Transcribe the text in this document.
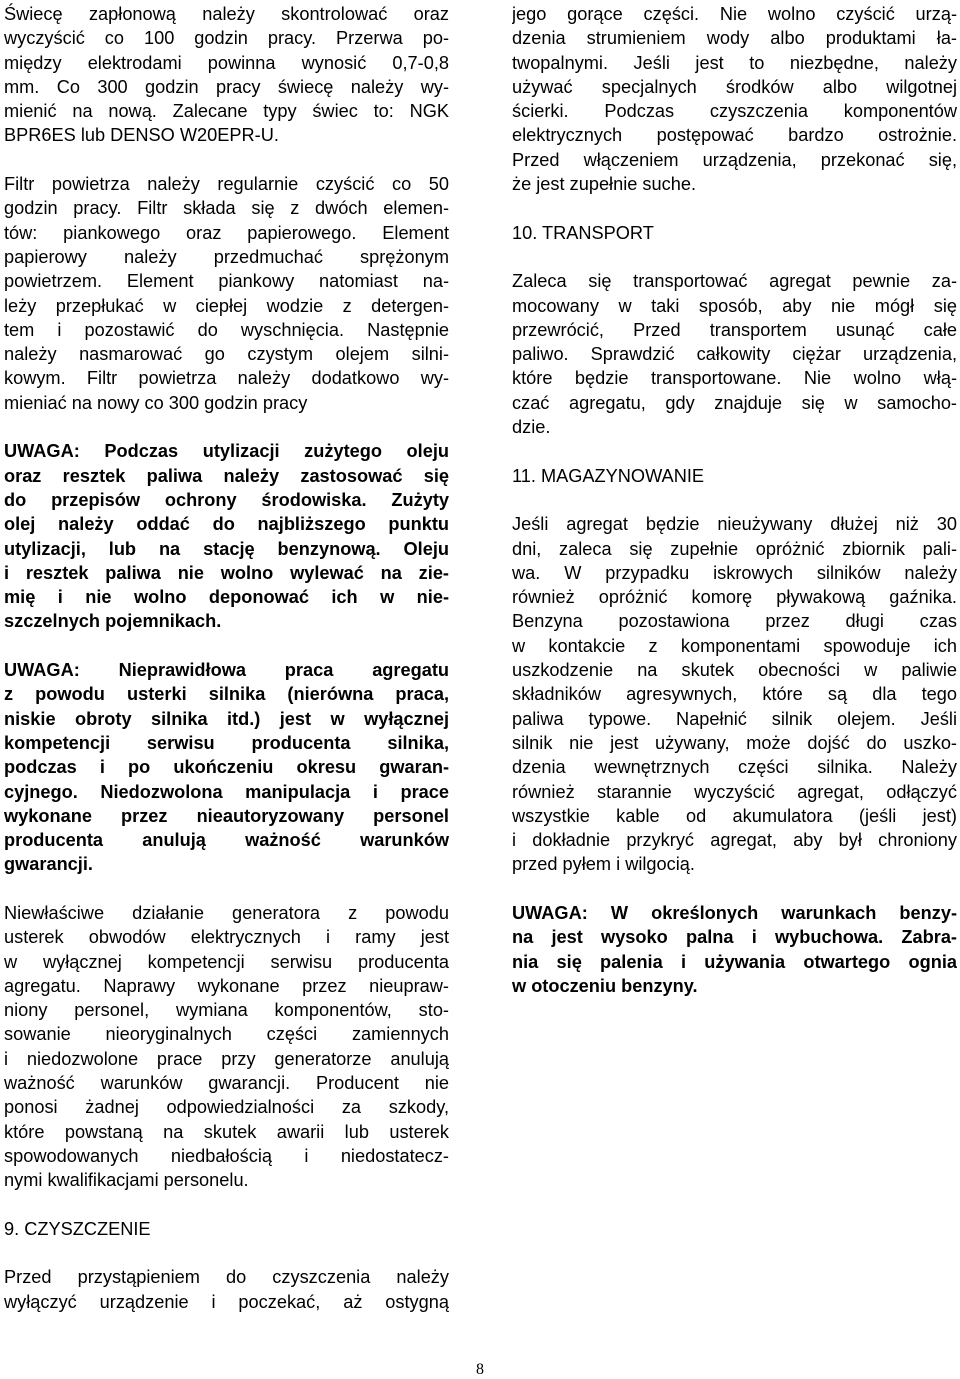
Świecę zapłonową należy skontrolować oraz
wyczyścić co 100 godzin pracy. Przerwa po-
między elektrodami powinna wynosić 0,7-0,8
mm. Co 300 godzin pracy świecę należy wy-
mienić na nową. Zalecane typy świec to: NGK
BPR6ES lub DENSO W20EPR-U.
Filtr powietrza należy regularnie czyścić co 50
godzin pracy. Filtr składa się z dwóch elemen-
tów: piankowego oraz papierowego. Element
papierowy należy przedmuchać sprężonym
powietrzem. Element piankowy natomiast na-
leży przepłukać w ciepłej wodzie z detergen-
tem i pozostawić do wyschnięcia. Następnie
należy nasmarować go czystym olejem silni-
kowym. Filtr powietrza należy dodatkowo wy-
mieniać na nowy co 300 godzin pracy
UWAGA: Podczas utylizacji zużytego oleju
oraz resztek paliwa należy zastosować się
do przepisów ochrony środowiska. Zużyty
olej należy oddać do najbliższego punktu
utylizacji, lub na stację benzynową. Oleju
i resztek paliwa nie wolno wylewać na zie-
mię i nie wolno deponować ich w nie-
szczelnych pojemnikach.
UWAGA: Nieprawidłowa praca agregatu
z powodu usterki silnika (nierówna praca,
niskie obroty silnika itd.) jest w wyłącznej
kompetencji serwisu producenta silnika,
podczas i po ukończeniu okresu gwaran-
cyjnego. Niedozwolona manipulacja i prace
wykonane przez nieautoryzowany personel
producenta anulują ważność warunków
gwarancji.
Niewłaściwe działanie generatora z powodu
usterek obwodów elektrycznych i ramy jest
w wyłącznej kompetencji serwisu producenta
agregatu. Naprawy wykonane przez nieupraw-
niony personel, wymiana komponentów, sto-
sowanie nieoryginalnych części zamiennych
i niedozwolone prace przy generatorze anulują
ważność warunków gwarancji. Producent nie
ponosi żadnej odpowiedzialności za szkody,
które powstaną na skutek awarii lub usterek
spowodowanych niedbałością i niedostatecz-
nymi kwalifikacjami personelu.
9. CZYSZCZENIE
Przed przystąpieniem do czyszczenia należy
wyłączyć urządzenie i poczekać, aż ostygną
jego gorące części. Nie wolno czyścić urzą-
dzenia strumieniem wody albo produktami ła-
twopalnymi. Jeśli jest to niezbędne, należy
używać specjalnych środków albo wilgotnej
ścierki. Podczas czyszczenia komponentów
elektrycznych postępować bardzo ostrożnie.
Przed włączeniem urządzenia, przekonać się,
że jest zupełnie suche.
10. TRANSPORT
Zaleca się transportować agregat pewnie za-
mocowany w taki sposób, aby nie mógł się
przewrócić, Przed transportem usunąć całe
paliwo. Sprawdzić całkowity ciężar urządzenia,
które będzie transportowane. Nie wolno włą-
czać agregatu, gdy znajduje się w samocho-
dzie.
11. MAGAZYNOWANIE
Jeśli agregat będzie nieużywany dłużej niż 30
dni, zaleca się zupełnie opróżnić zbiornik pali-
wa. W przypadku iskrowych silników należy
również opróżnić komorę pływakową gaźnika.
Benzyna pozostawiona przez długi czas
w kontakcie z komponentami spowoduje ich
uszkodzenie na skutek obecności w paliwie
składników agresywnych, które są dla tego
paliwa typowe. Napełnić silnik olejem. Jeśli
silnik nie jest używany, może dojść do uszko-
dzenia wewnętrznych części silnika. Należy
również starannie wyczyścić agregat, odłączyć
wszystkie kable od akumulatora (jeśli jest)
i dokładnie przykryć agregat, aby był chroniony
przed pyłem i wilgocią.
UWAGA: W określonych warunkach benzy-
na jest wysoko palna i wybuchowa. Zabra-
nia się palenia i używania otwartego ognia
w otoczeniu benzyny.
8
